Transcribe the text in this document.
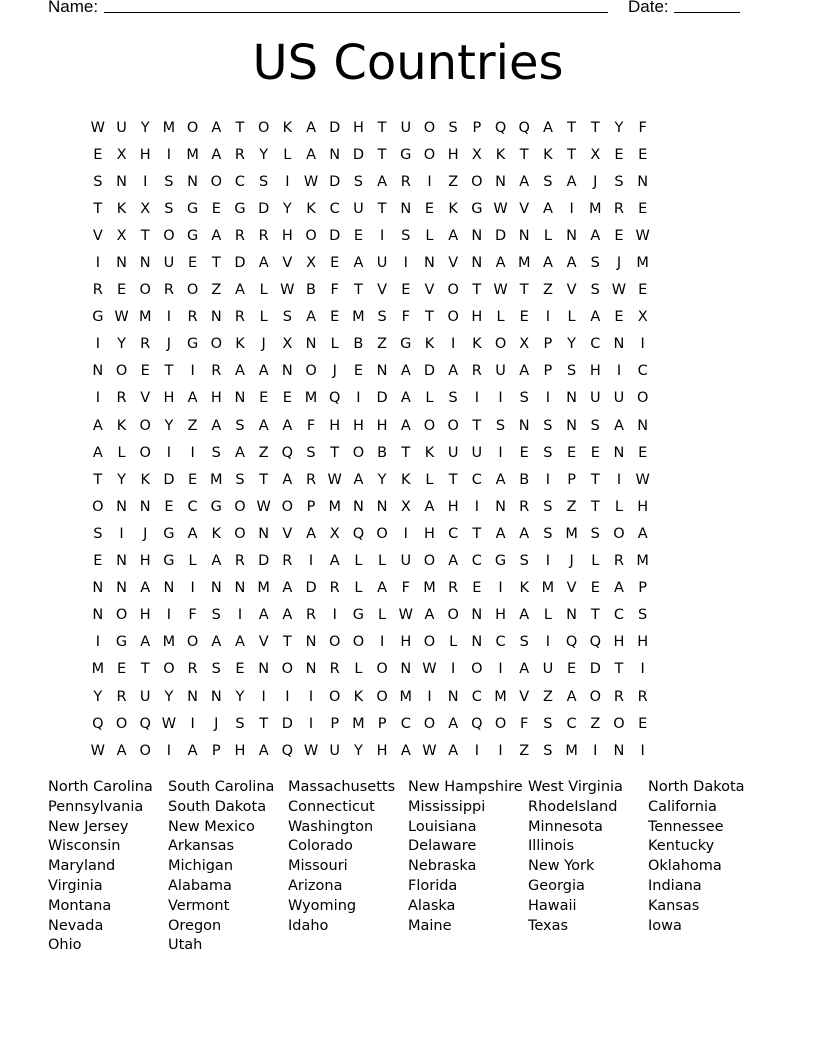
Name:	Date:
US Countries
W U Y M O A T O K A D H T U O S	P Q Q A T	T	Y	F
E X H	I	M A R Y	L	A N D T G O H X K	T	K	T X E	E
S N	I	S N O C S	I W D S A R	I	Z O N A S A	J	S N
T	K X S G E G D Y	K C U T N E K G W V A	I	M R E
V X T O G A R R H O D E	I	S	L	A N D N L N A E W
I	N N U E	T D A V X E A U	I	N V N A M A A S	J	M
R E O R O Z A	L W B	F	T V E V O T W T Z V S W E
G W M	I	R N R	L	S A E M S	F	T O H L	E	I	L	A E X
I	Y R	J	G O K	J	X N L	B Z G K	I	K O X P	Y C N	I
N O E	T	I	R A A N O	J	E N A D A R U A P	S H	I	C
I	R V H A H N E	E M Q	I	D A	L	S	I	I	S	I	N U U O
A K O Y Z A S A A	F H H H A O O T	S N S N S A N
A	L O	I	I	S A Z Q S	T O B T	K U U	I	E	S E	E N E
T	Y	K D E M S	T A R W A Y	K	L	T C A B	I	P	T	I W
O N N E C G O W O P M N N X A H	I	N R S Z T	L H
S	I	J	G A K O N V A X Q O	I	H C T A A S M S O A
E N H G L	A R D R	I	A	L	L U O A C G S	I	J	L	R M
N N A N	I	N N M A D R	L	A	F M R E	I	K M V E A P
N O H	I	F	S	I	A A R	I	G L W A O N H A	L N T C S
I	G A M O A A V T N O O	I	H O L N C S	I	Q Q H H
M E	T O R S E N O N R	L O N W I	O	I	A U E D T	I
Y R U Y N N Y	I	I	I	O K O M	I	N C M V Z A O R R
Q O Q W I	J	S	T D	I	P M P C O A Q O F	S C Z O E
W A O	I	A P H A Q W U Y H A W A	I	I	Z S M	I	N	I
North Carolina
Pennsylvania
New Jersey
Wisconsin
Maryland
Virginia
Montana
Nevada
Ohio
South Carolina
South Dakota
New Mexico
Arkansas
Michigan
Alabama
Vermont
Oregon
Utah
Massachusetts
Connecticut
Washington
Colorado
Missouri
Arizona
Wyoming
Idaho
New Hampshire
Mississippi
Louisiana
Delaware
Nebraska
Florida
Alaska
Maine
West Virginia
RhodeIsland
Minnesota
Illinois
New York
Georgia
Hawaii
Texas
North Dakota
California
Tennessee
Kentucky
Oklahoma
Indiana
Kansas
Iowa
